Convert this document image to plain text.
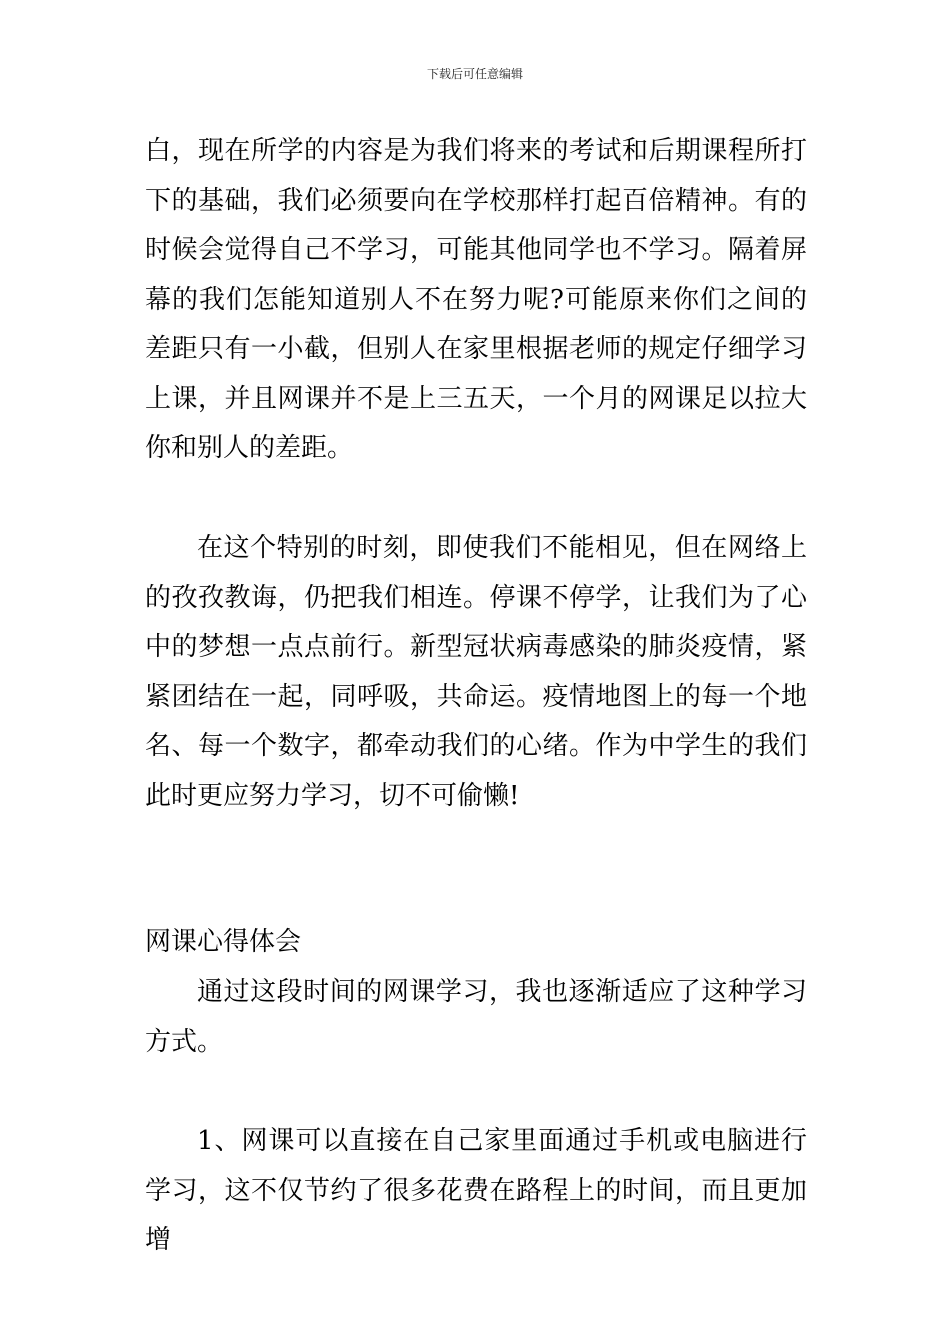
下载后可任意编辑

白，现在所学的内容是为我们将来的考试和后期课程所打下的基础，我们必须要向在学校那样打起百倍精神。有的时候会觉得自己不学习，可能其他同学也不学习。隔着屏幕的我们怎能知道别人不在努力呢?可能原来你们之间的差距只有一小截，但别人在家里根据老师的规定仔细学习上课，并且网课并不是上三五天，一个月的网课足以拉大你和别人的差距。

在这个特别的时刻，即使我们不能相见，但在网络上的孜孜教诲，仍把我们相连。停课不停学，让我们为了心中的梦想一点点前行。新型冠状病毒感染的肺炎疫情，紧紧团结在一起，同呼吸，共命运。疫情地图上的每一个地名、每一个数字，都牵动我们的心绪。作为中学生的我们此时更应努力学习，切不可偷懒!

网课心得体会

通过这段时间的网课学习，我也逐渐适应了这种学习方式。

1、网课可以直接在自己家里面通过手机或电脑进行学习，这不仅节约了很多花费在路程上的时间，而且更加增
